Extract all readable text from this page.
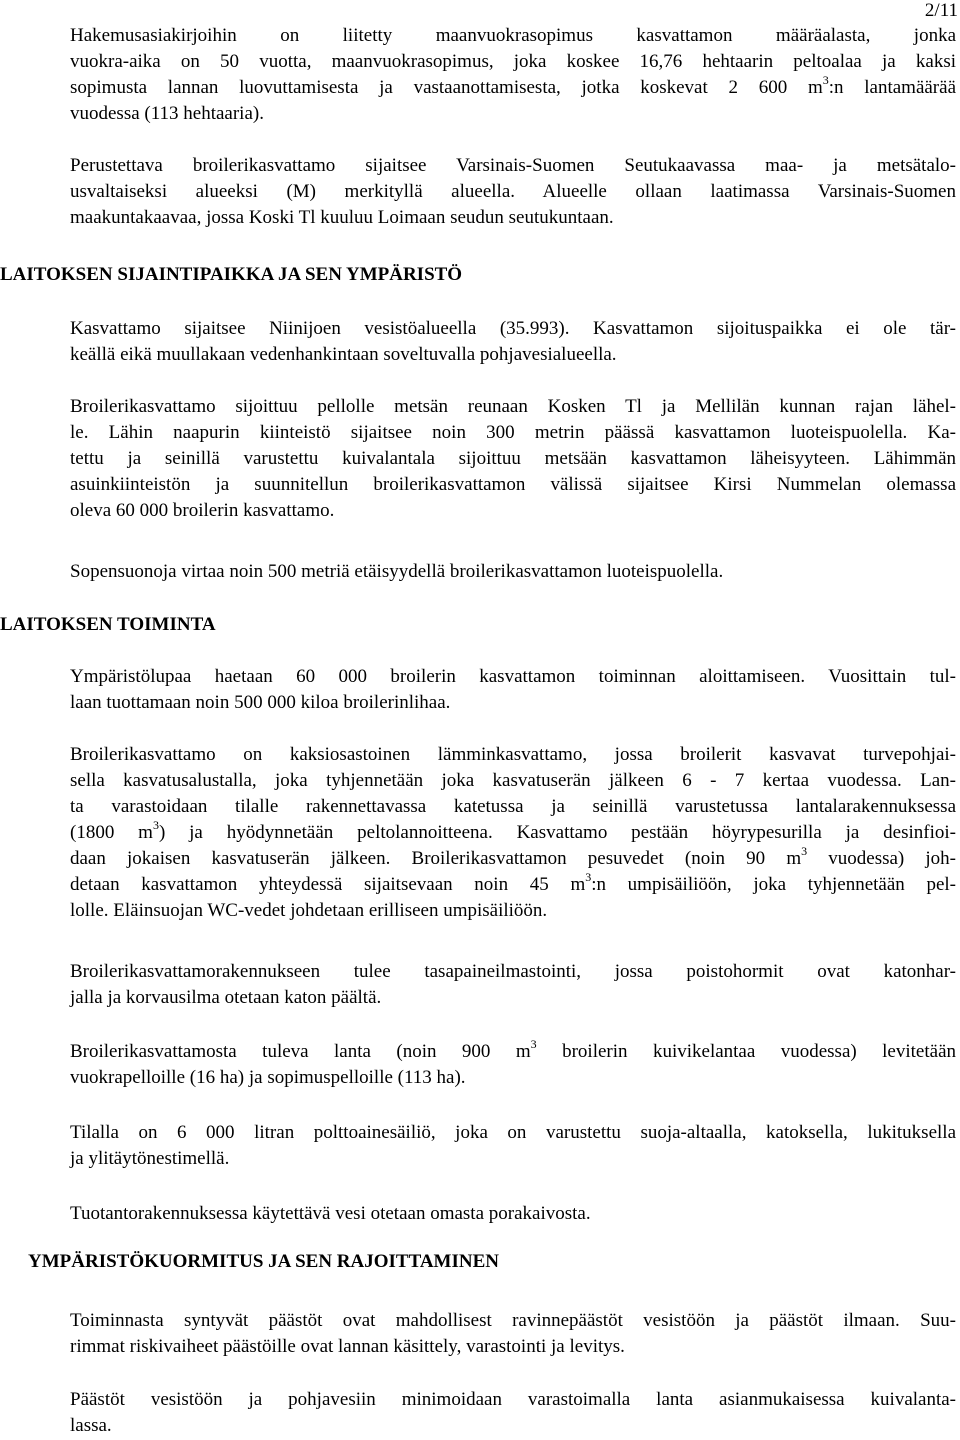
2/11

Hakemusasiakirjoihin on liitetty maanvuokrasopimus kasvattamon määräalasta, jonka
vuokra-aika on 50 vuotta, maanvuokrasopimus, joka koskee 16,76 hehtaarin peltoalaa ja kaksi
sopimusta lannan luovuttamisesta ja vastaanottamisesta, jotka koskevat 2 600 $m^3:n$ lantamäärää
vuodessa (113 hehtaaria).

Perustettava broilerikasvattamo sijaitsee Varsinais-Suomen Seutukaavassa maa- ja metsätalo-
usvaltaiseksi alueeksi (M) merkityllä alueella. Alueelle ollaan laatimassa Varsinais-Suomen
maakuntakaavaa, jossa Koski Tl kuuluu Loimaan seudun seutukuntaan.

LAITOKSEN SIJAINTIPAIKKA JA SEN YMPÄRISTÖ

Kasvattamo sijaitsee Niinijoen vesistöalueella (35.993). Kasvattamon sijoituspaikka ei ole tär-
keällä eikä muullakaan vedenhankintaan soveltuvalla pohjavesialueella.

Broilerikasvattamo sijoittuu pellolle metsän reunaan Kosken Tl ja Mellilän kunnan rajan lähel-
le. Lähin naapurin kiinteistö sijaitsee noin 300 metrin päässä kasvattamon luoteispuolella. Ka-
tettu ja seinillä varustettu kuivalantala sijoittuu metsään kasvattamon läheisyyteen. Lähimmän
asuinkiinteistön ja suunnitellun broilerikasvattamon välissä sijaitsee Kirsi Nummelan olemassa
oleva 60 000 broilerin kasvattamo.

Sopensuonoja virtaa noin 500 metriä etäisyydellä broilerikasvattamon luoteispuolella.

LAITOKSEN TOIMINTA

Ympäristölupaa haetaan 60 000 broilerin kasvattamon toiminnan aloittamiseen. Vuosittain tul-
laan tuottamaan noin 500 000 kiloa broilerinlihaa.

Broilerikasvattamo on kaksiosastoinen lämminkasvattamo, jossa broilerit kasvavat turvepohjai-
sella kasvatusalustalla, joka tyhjennetään joka kasvatuserän jälkeen 6 - 7 kertaa vuodessa. Lan-
ta varastoidaan tilalle rakennettavassa katetussa ja seinillä varustetussa lantalarakennuksessa
(1800 $m^3$) ja hyödynnetään peltolannoitteena. Kasvattamo pestään höyrypesurilla ja desinfioi-
daan jokaisen kasvatuserän jälkeen. Broilerikasvattamon pesuvedet (noin 90 $m^3$ vuodessa) joh-
detaan kasvattamon yhteydessä sijaitsevaan noin 45 $m^3:n$ umpisäiliöön, joka tyhjennetään pel-
lolle. Eläinsuojan WC-vedet johdetaan erilliseen umpisäiliöön.

Broilerikasvattamorakennukseen tulee tasapaineilmastointi, jossa poistohormit ovat katonhar-
jalla ja korvausilma otetaan katon päältä.

Broilerikasvattamosta tuleva lanta (noin 900 $m^3$ broilerin kuivikelantaa vuodessa) levitetään
vuokrapelloille (16 ha) ja sopimuspelloille (113 ha).

Tilalla on 6 000 litran polttoainesäiliö, joka on varustettu suoja-altaalla, katoksella, lukituksella
ja ylitäytönestimellä.

Tuotantorakennuksessa käytettävä vesi otetaan omasta porakaivosta.

YMPÄRISTÖKUORMITUS JA SEN RAJOITTAMINEN

Toiminnasta syntyvät päästöt ovat mahdollisest ravinnepäästöt vesistöön ja päästöt ilmaan. Suu-
rimmat riskivaiheet päästöille ovat lannan käsittely, varastointi ja levitys.

Päästöt vesistöön ja pohjavesiin minimoidaan varastoimalla lanta asianmukaisessa kuivalanta-
lassa.
